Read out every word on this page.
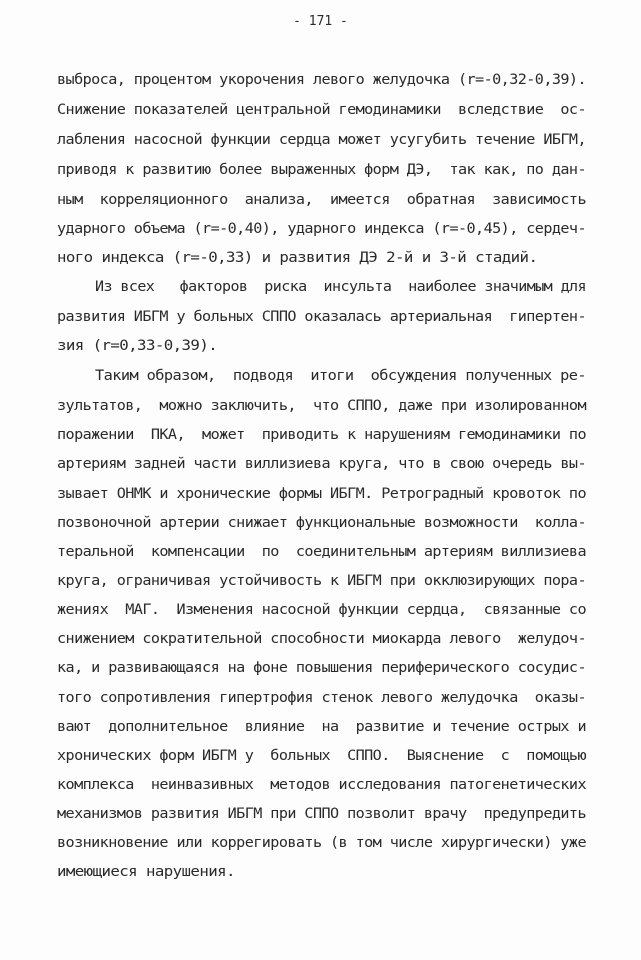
- 171 -
выброса, процентом укорочения левого желудочка (r=-0,32-0,39).
Снижение показателей центральной гемодинамики  вследствие  ос-
лабления насосной функции сердца может усугубить течение ИБГМ,
приводя к развитию более выраженных форм ДЭ,  так как, по дан-
ным  корреляционного  анализа,  имеется  обратная  зависимость
ударного объема (r=-0,40), ударного индекса (r=-0,45), сердеч-
ного индекса (r=-0,33) и развития ДЭ 2-й и 3-й стадий.
Из всех   факторов  риска  инсульта  наиболее значимым для
развития ИБГМ у больных СППО оказалась артериальная  гипертен-
зия (r=0,33-0,39).
Таким образом,  подводя  итоги  обсуждения полученных ре-
зультатов,  можно заключить,  что СППО, даже при изолированном
поражении  ПКА,  может  приводить к нарушениям гемодинамики по
артериям задней части виллизиева круга, что в свою очередь вы-
зывает ОНМК и хронические формы ИБГМ. Ретроградный кровоток по
позвоночной артерии снижает функциональные возможности  колла-
теральной  компенсации  по  соединительным артериям виллизиева
круга, ограничивая устойчивость к ИБГМ при окклюзирующих пора-
жениях  МАГ.  Изменения насосной функции сердца,  связанные со
снижением сократительной способности миокарда левого  желудоч-
ка, и развивающаяся на фоне повышения периферического сосудис-
того сопротивления гипертрофия стенок левого желудочка  оказы-
вают  дополнительное  влияние  на  развитие и течение острых и
хронических форм ИБГМ у  больных  СППО.  Выяснение  с  помощью
комплекса  неинвазивных  методов исследования патогенетических
механизмов развития ИБГМ при СППО позволит врачу  предупредить
возникновение или коррегировать (в том числе хирургически) уже
имеющиеся нарушения.
